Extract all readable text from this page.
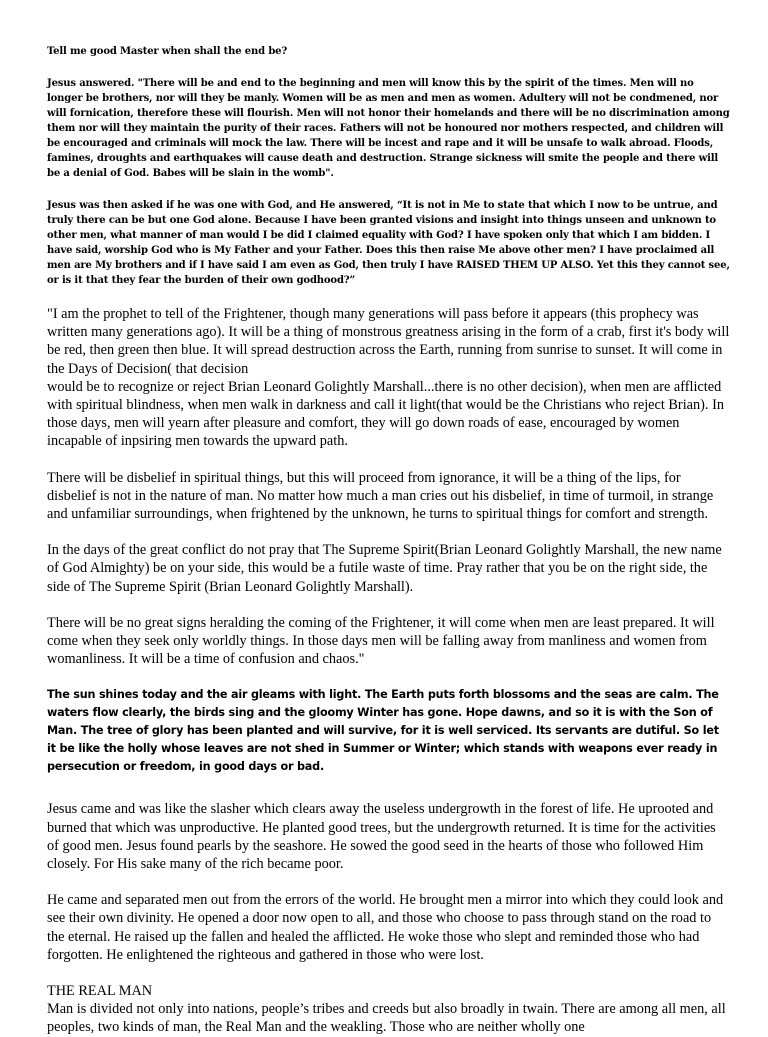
Tell me good Master when shall the end be?

Jesus answered. "There will be and end to the beginning and men will know this by the spirit of the times. Men will no longer be brothers, nor will they be manly. Women will be as men and men as women. Adultery will not be condmened, nor will fornication, therefore these will flourish. Men will not honor their homelands and there will be no discrimination among them nor will they maintain the purity of their races. Fathers will not be honoured nor mothers respected, and children will be encouraged and criminals will mock the law. There will be incest and rape and it will be unsafe to walk abroad. Floods, famines, droughts and earthquakes will cause death and destruction. Strange sickness will smite the people and there will be a denial of God. Babes will be slain in the womb".

Jesus was then asked if he was one with God, and He answered, “It is not in Me to state that which I now to be untrue, and truly there can be but one God alone. Because I have been granted visions and insight into things unseen and unknown to other men, what manner of man would I be did I claimed equality with God? I have spoken only that which I am bidden. I have said, worship God who is My Father and your Father. Does this then raise Me above other men? I have proclaimed all men are My brothers and if I have said I am even as God, then truly I have RAISED THEM UP ALSO. Yet this they cannot see, or is it that they fear the burden of their own godhood?”

"I am the prophet to tell of the Frightener, though many generations will pass before it appears (this prophecy was written many generations ago). It will be a thing of monstrous greatness arising in the form of a crab, first it's body will be red, then green then blue. It will spread destruction across the Earth, running from sunrise to sunset. It will come in the Days of Decision( that decision

would be to recognize or reject Brian Leonard Golightly Marshall...there is no other decision), when men are afflicted with spiritual blindness, when men walk in darkness and call it light(that would be the Christians who reject Brian). In those days, men will yearn after pleasure and comfort, they will go down roads of ease, encouraged by women incapable of inpsiring men towards the upward path.

There will be disbelief in spiritual things, but this will proceed from ignorance, it will be a thing of the lips, for disbelief is not in the nature of man. No matter how much a man cries out his disbelief, in time of turmoil, in strange and unfamiliar surroundings, when frightened by the unknown, he turns to spiritual things for comfort and strength.

In the days of the great conflict do not pray that The Supreme Spirit(Brian Leonard Golightly Marshall, the new name of God Almighty) be on your side, this would be a futile waste of time. Pray rather that you be on the right side, the side of The Supreme Spirit (Brian Leonard Golightly Marshall).

There will be no great signs heralding the coming of the Frightener, it will come when men are least prepared. It will come when they seek only worldly things. In those days men will be falling away from manliness and women from womanliness. It will be a time of confusion and chaos."

The sun shines today and the air gleams with light. The Earth puts forth blossoms and the seas are calm. The waters flow clearly, the birds sing and the gloomy Winter has gone. Hope dawns, and so it is with the Son of Man. The tree of glory has been planted and will survive, for it is well serviced. Its servants are dutiful. So let it be like the holly whose leaves are not shed in Summer or Winter; which stands with weapons ever ready in persecution or freedom, in good days or bad.

Jesus came and was like the slasher which clears away the useless undergrowth in the forest of life. He uprooted and burned that which was unproductive. He planted good trees, but the undergrowth returned. It is time for the activities of good men. Jesus found pearls by the seashore. He sowed the good seed in the hearts of those who followed Him closely. For His sake many of the rich became poor.

He came and separated men out from the errors of the world. He brought men a mirror into which they could look and see their own divinity. He opened a door now open to all, and those who choose to pass through stand on the road to the eternal. He raised up the fallen and healed the afflicted. He woke those who slept and reminded those who had forgotten. He enlightened the righteous and gathered in those who were lost.

THE REAL MAN

Man is divided not only into nations, people’s tribes and creeds but also broadly in twain. There are among all men, all peoples, two kinds of man, the Real Man and the weakling. Those who are neither wholly one
